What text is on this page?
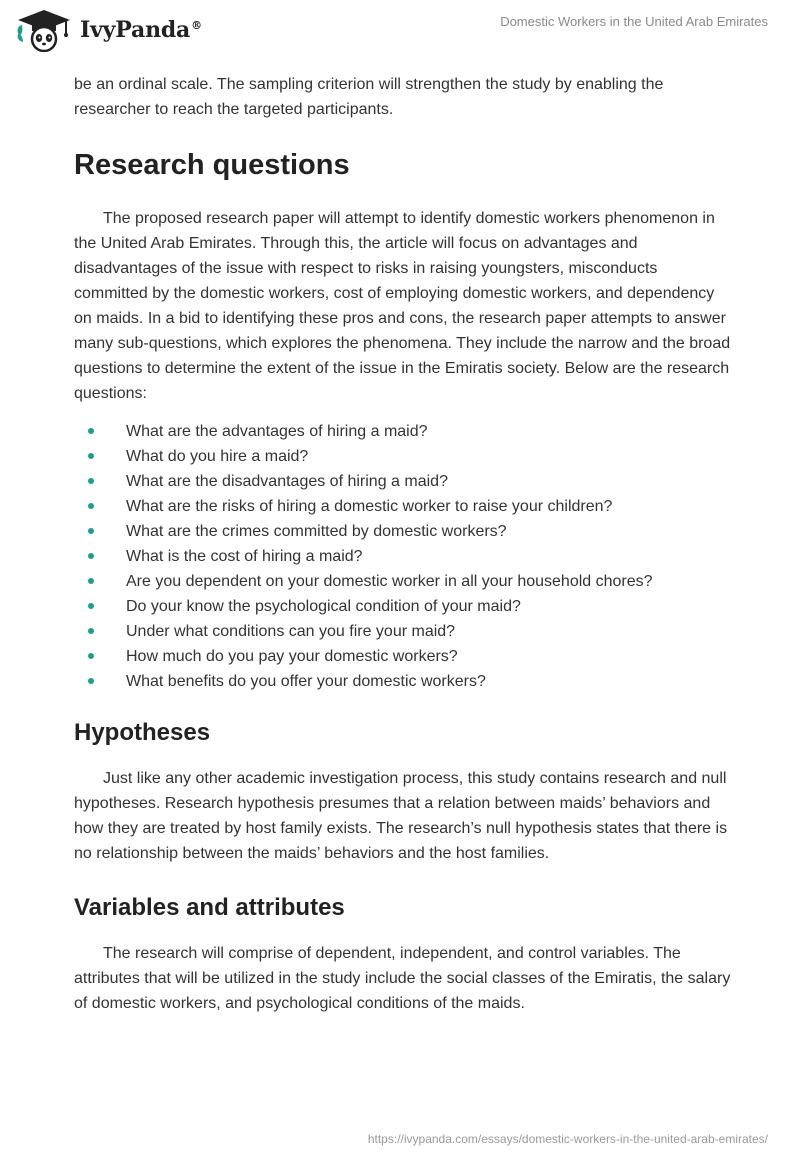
IvyPanda®	Domestic Workers in the United Arab Emirates

be an ordinal scale. The sampling criterion will strengthen the study by enabling the researcher to reach the targeted participants.

Research questions

The proposed research paper will attempt to identify domestic workers phenomenon in the United Arab Emirates. Through this, the article will focus on advantages and disadvantages of the issue with respect to risks in raising youngsters, misconducts committed by the domestic workers, cost of employing domestic workers, and dependency on maids. In a bid to identifying these pros and cons, the research paper attempts to answer many sub-questions, which explores the phenomena. They include the narrow and the broad questions to determine the extent of the issue in the Emiratis society. Below are the research questions:

What are the advantages of hiring a maid?
What do you hire a maid?
What are the disadvantages of hiring a maid?
What are the risks of hiring a domestic worker to raise your children?
What are the crimes committed by domestic workers?
What is the cost of hiring a maid?
Are you dependent on your domestic worker in all your household chores?
Do your know the psychological condition of your maid?
Under what conditions can you fire your maid?
How much do you pay your domestic workers?
What benefits do you offer your domestic workers?
Hypotheses

Just like any other academic investigation process, this study contains research and null hypotheses. Research hypothesis presumes that a relation between maids’ behaviors and how they are treated by host family exists. The research’s null hypothesis states that there is no relationship between the maids’ behaviors and the host families.

Variables and attributes

The research will comprise of dependent, independent, and control variables. The attributes that will be utilized in the study include the social classes of the Emiratis, the salary of domestic workers, and psychological conditions of the maids.

https://ivypanda.com/essays/domestic-workers-in-the-united-arab-emirates/
